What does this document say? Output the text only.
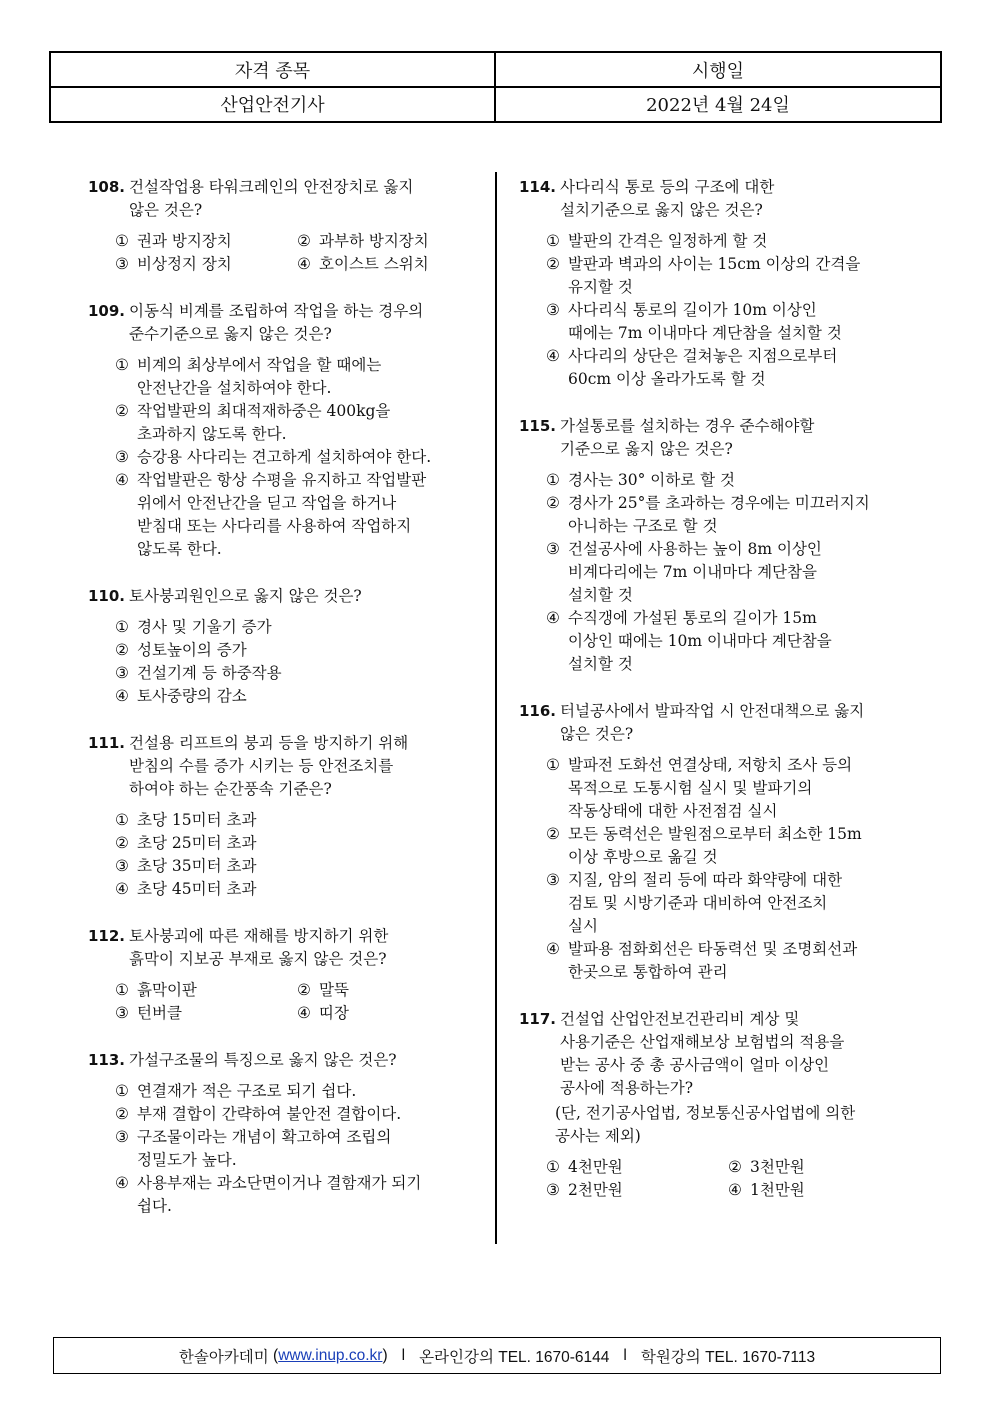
자격 종목	시행일
산업안전기사	2022년 4월 24일
108. 건설작업용 타워크레인의 안전장치로 옳지
않은 것은?
① 권과 방지장치	② 과부하 방지장치
③ 비상정지 장치	④ 호이스트 스위치
109. 이동식 비계를 조립하여 작업을 하는 경우의
준수기준으로 옳지 않은 것은?
① 비계의 최상부에서 작업을 할 때에는
안전난간을 설치하여야 한다.
② 작업발판의 최대적재하중은 400kg을
초과하지 않도록 한다.
③ 승강용 사다리는 견고하게 설치하여야 한다.
④ 작업발판은 항상 수평을 유지하고 작업발판
위에서 안전난간을 딛고 작업을 하거나
받침대 또는 사다리를 사용하여 작업하지
않도록 한다.
110. 토사붕괴원인으로 옳지 않은 것은?
① 경사 및 기울기 증가
② 성토높이의 증가
③ 건설기계 등 하중작용
④ 토사중량의 감소
111. 건설용 리프트의 붕괴 등을 방지하기 위해
받침의 수를 증가 시키는 등 안전조치를
하여야 하는 순간풍속 기준은?
① 초당 15미터 초과
② 초당 25미터 초과
③ 초당 35미터 초과
④ 초당 45미터 초과
112. 토사붕괴에 따른 재해를 방지하기 위한
흙막이 지보공 부재로 옳지 않은 것은?
① 흙막이판	② 말뚝
③ 턴버클	④ 띠장
113. 가설구조물의 특징으로 옳지 않은 것은?
① 연결재가 적은 구조로 되기 쉽다.
② 부재 결합이 간략하여 불안전 결합이다.
③ 구조물이라는 개념이 확고하여 조립의
정밀도가 높다.
④ 사용부재는 과소단면이거나 결함재가 되기
쉽다.
114. 사다리식 통로 등의 구조에 대한
설치기준으로 옳지 않은 것은?
① 발판의 간격은 일정하게 할 것
② 발판과 벽과의 사이는 15cm 이상의 간격을
유지할 것
③ 사다리식 통로의 길이가 10m 이상인
때에는 7m 이내마다 계단참을 설치할 것
④ 사다리의 상단은 걸쳐놓은 지점으로부터
60cm 이상 올라가도록 할 것
115. 가설통로를 설치하는 경우 준수해야할
기준으로 옳지 않은 것은?
① 경사는 30° 이하로 할 것
② 경사가 25°를 초과하는 경우에는 미끄러지지
아니하는 구조로 할 것
③ 건설공사에 사용하는 높이 8m 이상인
비계다리에는 7m 이내마다 계단참을
설치할 것
④ 수직갱에 가설된 통로의 길이가 15m
이상인 때에는 10m 이내마다 계단참을
설치할 것
116. 터널공사에서 발파작업 시 안전대책으로 옳지
않은 것은?
① 발파전 도화선 연결상태, 저항치 조사 등의
목적으로 도통시험 실시 및 발파기의
작동상태에 대한 사전점검 실시
② 모든 동력선은 발원점으로부터 최소한 15m
이상 후방으로 옮길 것
③ 지질, 암의 절리 등에 따라 화약량에 대한
검토 및 시방기준과 대비하여 안전조치
실시
④ 발파용 점화회선은 타동력선 및 조명회선과
한곳으로 통합하여 관리
117. 건설업 산업안전보건관리비 계상 및
사용기준은 산업재해보상 보험법의 적용을
받는 공사 중 총 공사금액이 얼마 이상인
공사에 적용하는가?
(단, 전기공사업법, 정보통신공사업법에 의한
공사는 제외)
① 4천만원	② 3천만원
③ 2천만원	④ 1천만원
한솔아카데미 ( www.inup.co.kr ) l 온라인강의 TEL. 1670-6144 l 학원강의 TEL. 1670-7113
